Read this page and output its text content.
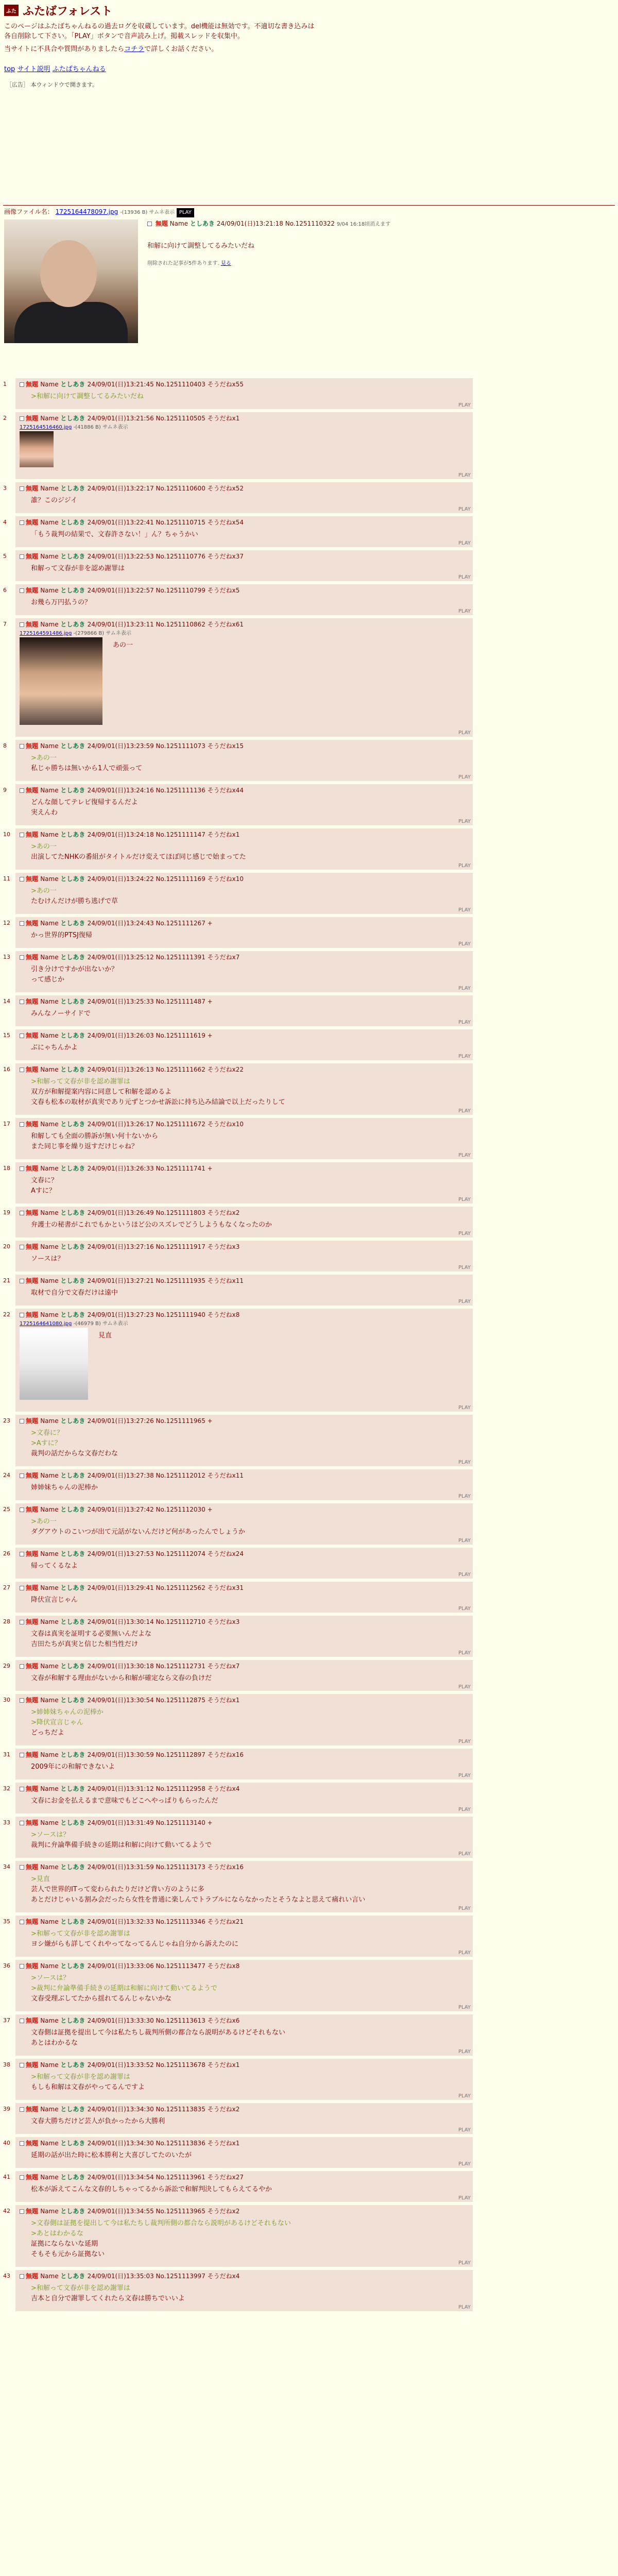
ふた ふたばフォレスト

このページはふたばちゃんねるの過去ログを収蔵しています。del機能は無効です。不適切な書き込みは各自削除して下さい。「PLAY」ボタンで音声読み上げ。掲載スレッドを収集中。

当サイトに不具合や質問がありましたらコチラで詳しくお話ください。

top サイト説明 ふたばちゃんねる
［広告］ 本ウィンドウで開きます。
画像ファイル名： 1725164478097.jpg -(13936 B) サムネ表示 PLAY
無題 Name としあき 24/09/01(日)13:21:18 No.1251110322 9/04 16:18頃消えます
和解に向けて調整してるみたいだね
削除された記事が5件あります. 見る
1	無題 Name としあき 24/09/01(日)13:21:45 No.1251110403 そうだねx55
>和解に向けて調整してるみたいだね
PLAY
2	無題 Name としあき 24/09/01(日)13:21:56 No.1251110505 そうだねx1
1725164516460.jpg -(41886 B) サムネ表示
PLAY
3	無題 Name としあき 24/09/01(日)13:22:17 No.1251110600 そうだねx52
誰？このジジイ
PLAY
4	無題 Name としあき 24/09/01(日)13:22:41 No.1251110715 そうだねx54
「もう裁判の結果で、文春許さない！」ん？ちゃうかい
PLAY
5	無題 Name としあき 24/09/01(日)13:22:53 No.1251110776 そうだねx37
和解って文春が非を認め謝罪は
PLAY
6	無題 Name としあき 24/09/01(日)13:22:57 No.1251110799 そうだねx5
お幾ら万円払うの？
PLAY
7	無題 Name としあき 24/09/01(日)13:23:11 No.1251110862 そうだねx61
1725164591486.jpg -(279866 B) サムネ表示
あの一
PLAY
8	無題 Name としあき 24/09/01(日)13:23:59 No.1251111073 そうだねx15
>あの一
私じゃ勝ちは無いから1人で頑張って
PLAY
9	無題 Name としあき 24/09/01(日)13:24:16 No.1251111136 そうだねx44
どんな顔してテレビ復帰するんだよ
実えんわ
PLAY
10	無題 Name としあき 24/09/01(日)13:24:18 No.1251111147 そうだねx1
>あの一
出演してたNHKの番組がタイトルだけ変えてほぼ同じ感じで始まってた
PLAY
11	無題 Name としあき 24/09/01(日)13:24:22 No.1251111169 そうだねx10
>あの一
たむけんだけが勝ち逃げで草
PLAY
12	無題 Name としあき 24/09/01(日)13:24:43 No.1251111267 +
かっ世界的PTSJ復帰
PLAY
13	無題 Name としあき 24/09/01(日)13:25:12 No.1251111391 そうだねx7
引き分けですかが出ないか？
って感じか
PLAY
14	無題 Name としあき 24/09/01(日)13:25:33 No.1251111487 +
みんなノーサイドで
PLAY
15	無題 Name としあき 24/09/01(日)13:26:03 No.1251111619 +
ぶにゃちんかよ
PLAY
16	無題 Name としあき 24/09/01(日)13:26:13 No.1251111662 そうだねx22
>和解って文春が非を認め謝罪は
双方が和解提案内容に同意して和解を認めるよ
文春も松本の取材が真実であり元ずとつかせ訴訟に持ち込み結論で以上だったりして
PLAY
17	無題 Name としあき 24/09/01(日)13:26:17 No.1251111672 そうだねx10
和解しても全面の勝訴が無い何十ないから
また同じ事を繰り返すだけじゃね？
PLAY
18	無題 Name としあき 24/09/01(日)13:26:33 No.1251111741 +
文春に？
Aすに？
PLAY
19	無題 Name としあき 24/09/01(日)13:26:49 No.1251111803 そうだねx2
弁護士の秘書がこれでもかというほど公のスズレでどうしようもなくなったのか
PLAY
20	無題 Name としあき 24/09/01(日)13:27:16 No.1251111917 そうだねx3
ソースは？
PLAY
21	無題 Name としあき 24/09/01(日)13:27:21 No.1251111935 そうだねx11
取材で自分で文春だけは遠中
PLAY
22	無題 Name としあき 24/09/01(日)13:27:23 No.1251111940 そうだねx8
1725164641080.jpg -(46979 B) サムネ表示
見直
PLAY
23	無題 Name としあき 24/09/01(日)13:27:26 No.1251111965 +
>文春に？
>Aすに？
裁判の話だからな文春だわな
PLAY
24	無題 Name としあき 24/09/01(日)13:27:38 No.1251112012 そうだねx11
姉姉妹ちゃんの泥棒か
PLAY
25	無題 Name としあき 24/09/01(日)13:27:42 No.1251112030 +
>あの一
ダグアウトのこいつが出て元話がないんだけど何があったんでしょうか
PLAY
26	無題 Name としあき 24/09/01(日)13:27:53 No.1251112074 そうだねx24
帰ってくるなよ
PLAY
27	無題 Name としあき 24/09/01(日)13:29:41 No.1251112562 そうだねx31
降伏宣言じゃん
PLAY
28	無題 Name としあき 24/09/01(日)13:30:14 No.1251112710 そうだねx3
文春は真実を証明する必要無いんだよな
吉田たちが真実と信じた相当性だけ
PLAY
29	無題 Name としあき 24/09/01(日)13:30:18 No.1251112731 そうだねx7
文春が和解する理由がないから和解が確定なら文春の負けだ
PLAY
30	無題 Name としあき 24/09/01(日)13:30:54 No.1251112875 そうだねx1
>姉姉妹ちゃんの泥棒か
>降伏宣言じゃん
どっちだよ
PLAY
31	無題 Name としあき 24/09/01(日)13:30:59 No.1251112897 そうだねx16
2009年にの和解できないよ
PLAY
32	無題 Name としあき 24/09/01(日)13:31:12 No.1251112958 そうだねx4
文春にお金を払えるまで意味でもどこへやっぱりもらったんだ
PLAY
33	無題 Name としあき 24/09/01(日)13:31:49 No.1251113140 +
>ソースは？
裁判に弁論準備手続きの延期は和解に向けて動いてるようで
PLAY
34	無題 Name としあき 24/09/01(日)13:31:59 No.1251113173 そうだねx16
>見直
芸人で世界的ITって変わられたりだけど背い方のように多
あとだけじゃいる割み会だったら女性を普通に楽しんでトラブルにならなかったとそうなよと思えて痛れい言い
PLAY
35	無題 Name としあき 24/09/01(日)13:32:33 No.1251113346 そうだねx21
>和解って文春が非を認め謝罪は
ヨシ嫌がらも詳してくれやってなってるんじゃね自分から訴えたのに
PLAY
36	無題 Name としあき 24/09/01(日)13:33:06 No.1251113477 そうだねx8
>ソースは？
>裁判に弁論準備手続きの延期は和解に向けて動いてるようで
文春受理ぶしてたから揺れてるんじゃないかな
PLAY
37	無題 Name としあき 24/09/01(日)13:33:30 No.1251113613 そうだねx6
文春側は証拠を提出して今は私たちし裁判所側の都合なら説明があるけどそれもない
あとはわかるな
PLAY
38	無題 Name としあき 24/09/01(日)13:33:52 No.1251113678 そうだねx1
>和解って文春が非を認め謝罪は
もしも和解は文春がやってるんですよ
PLAY
39	無題 Name としあき 24/09/01(日)13:34:30 No.1251113835 そうだねx2
文春大勝ちだけど芸人が負かったから大勝利
PLAY
40	無題 Name としあき 24/09/01(日)13:34:30 No.1251113836 そうだねx1
延期の話が出た時に松本勝利と大喜びしてたのいたが
PLAY
41	無題 Name としあき 24/09/01(日)13:34:54 No.1251113961 そうだねx27
松本が訴えてこんな文春的しちゃってるから訴訟で和解判決してもらえてるやか
PLAY
42	無題 Name としあき 24/09/01(日)13:34:55 No.1251113965 そうだねx2
>文春側は証拠を提出して今は私たちし裁判所側の都合なら説明があるけどそれもない
>あとはわかるな
証拠にならないな延期
そもそも元から証拠ない
PLAY
43	無題 Name としあき 24/09/01(日)13:35:03 No.1251113997 そうだねx4
>和解って文春が非を認め謝罪は
吉本と自分で謝罪してくれたら文春は勝ちでいいよ
PLAY
